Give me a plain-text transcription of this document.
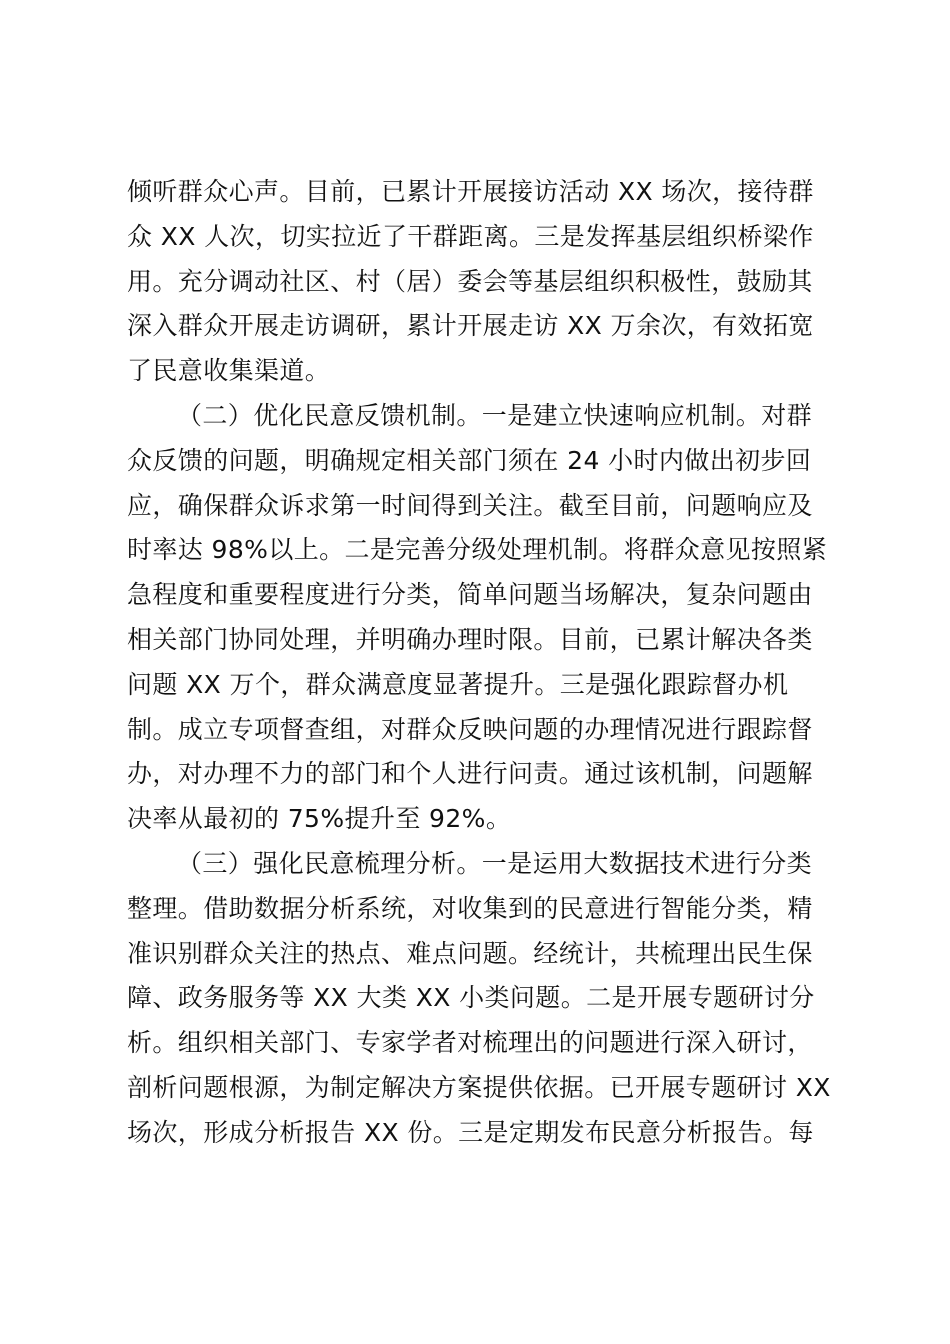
倾听群众心声。目前，已累计开展接访活动 XX 场次，接待群
众 XX 人次，切实拉近了干群距离。三是发挥基层组织桥梁作
用。充分调动社区、村（居）委会等基层组织积极性，鼓励其
深入群众开展走访调研，累计开展走访 XX 万余次，有效拓宽
了民意收集渠道。
（二）优化民意反馈机制。一是建立快速响应机制。对群
众反馈的问题，明确规定相关部门须在 24 小时内做出初步回
应，确保群众诉求第一时间得到关注。截至目前，问题响应及
时率达 98%以上。二是完善分级处理机制。将群众意见按照紧
急程度和重要程度进行分类，简单问题当场解决，复杂问题由
相关部门协同处理，并明确办理时限。目前，已累计解决各类
问题 XX 万个，群众满意度显著提升。三是强化跟踪督办机
制。成立专项督查组，对群众反映问题的办理情况进行跟踪督
办，对办理不力的部门和个人进行问责。通过该机制，问题解
决率从最初的 75%提升至 92%。
（三）强化民意梳理分析。一是运用大数据技术进行分类
整理。借助数据分析系统，对收集到的民意进行智能分类，精
准识别群众关注的热点、难点问题。经统计，共梳理出民生保
障、政务服务等 XX 大类 XX 小类问题。二是开展专题研讨分
析。组织相关部门、专家学者对梳理出的问题进行深入研讨，
剖析问题根源，为制定解决方案提供依据。已开展专题研讨 XX
场次，形成分析报告 XX 份。三是定期发布民意分析报告。每
